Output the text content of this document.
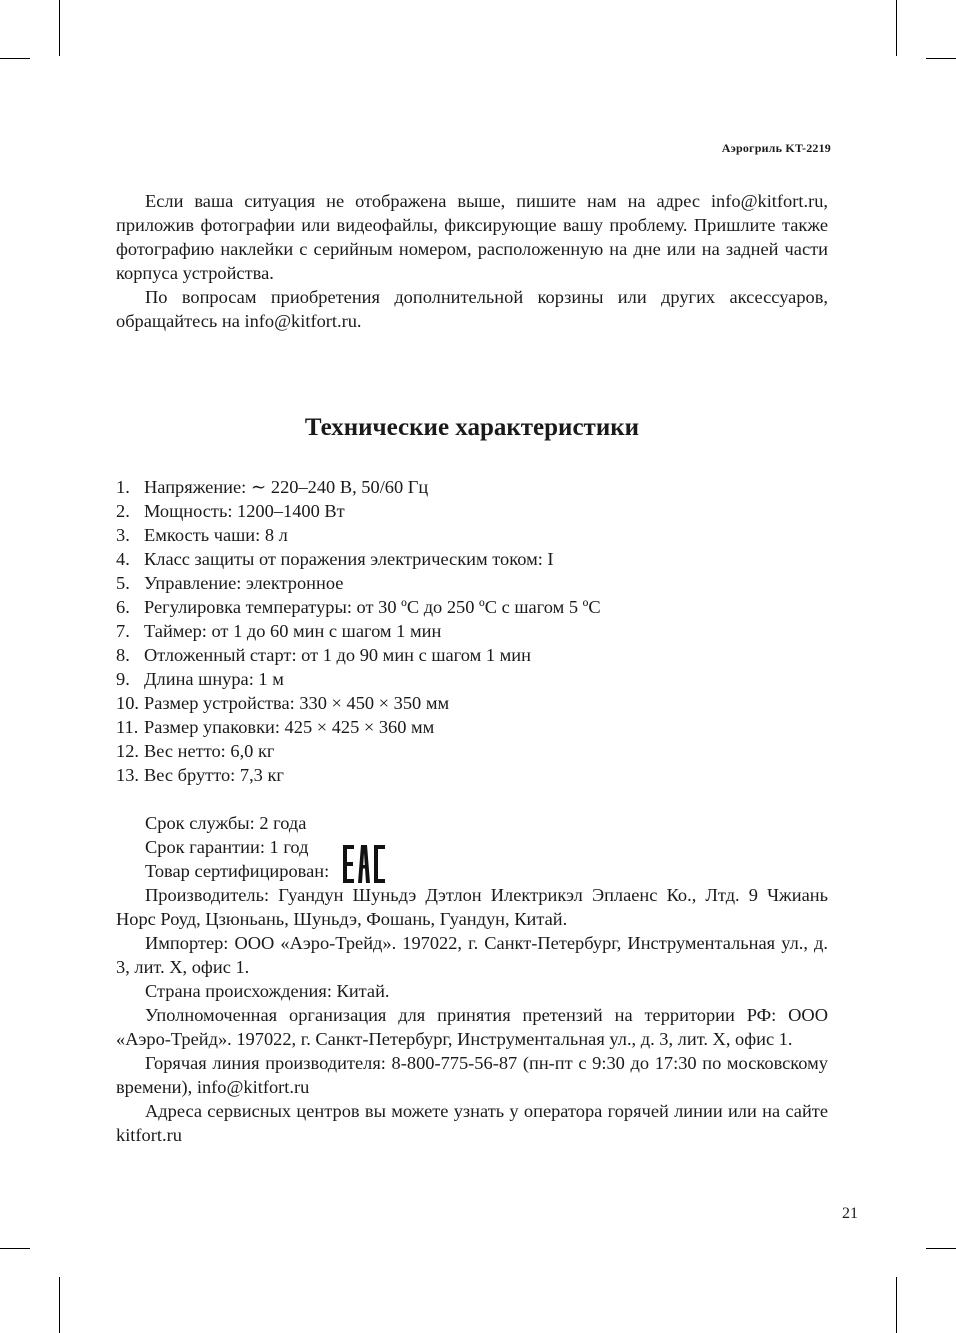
Аэрогриль KT-2219

Если ваша ситуация не отображена выше, пишите нам на адрес info@kitfort.ru, приложив фотографии или видеофайлы, фиксирующие вашу проблему. Пришлите также фотографию наклейки с серийным номером, расположенную на дне или на задней части корпуса устройства.

По вопросам приобретения дополнительной корзины или других аксессуаров, обращайтесь на info@kitfort.ru.

Технические характеристики
1. Напряжение: ∼ 220–240 В, 50/60 Гц
2. Мощность: 1200–1400 Вт
3. Емкость чаши: 8 л
4. Класс защиты от поражения электрическим током: I
5. Управление: электронное
6. Регулировка температуры: от 30 ºС до 250 ºС с шагом 5 ºС
7. Таймер: от 1 до 60 мин с шагом 1 мин
8. Отложенный старт: от 1 до 90 мин с шагом 1 мин
9. Длина шнура: 1 м
10. Размер устройства: 330 × 450 × 350 мм
11. Размер упаковки: 425 × 425 × 360 мм
12. Вес нетто: 6,0 кг
13. Вес брутто: 7,3 кг

Срок службы: 2 года

Срок гарантии: 1 год

Товар сертифицирован:

Производитель: Гуандун Шуньдэ Дэтлон Илектрикэл Эплаенс Ко., Лтд. 9 Чжиань Норс Роуд, Цзюньань, Шуньдэ, Фошань, Гуандун, Китай.

Импортер: ООО «Аэро-Трейд». 197022, г. Санкт-Петербург, Инструментальная ул., д. 3, лит. Х, офис 1.

Страна происхождения: Китай.

Уполномоченная организация для принятия претензий на территории РФ: ООО «Аэро-Трейд». 197022, г. Санкт-Петербург, Инструментальная ул., д. 3, лит. Х, офис 1.

Горячая линия производителя: 8-800-775-56-87 (пн-пт с 9:30 до 17:30 по московскому времени), info@kitfort.ru

Адреса сервисных центров вы можете узнать у оператора горячей линии или на сайте kitfort.ru

21
